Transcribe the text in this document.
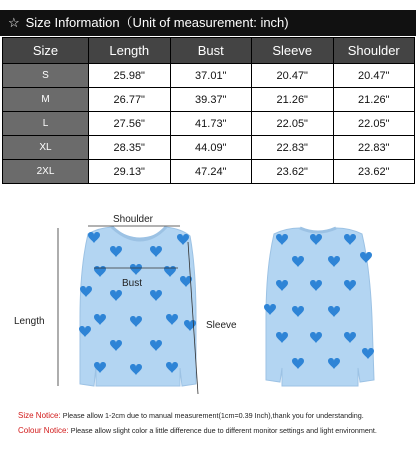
☆ Size Information（Unit of measurement: inch)
Size	Length	Bust	Sleeve	Shoulder
S	25.98"	37.01"	20.47"	20.47"
M	26.77"	39.37"	21.26"	21.26"
L	27.56"	41.73"	22.05"	22.05"
XL	28.35"	44.09"	22.83"	22.83"
2XL	29.13"	47.24"	23.62"	23.62"
Shoulder
Bust
Length	Sleeve
Size Notice: Please allow 1-2cm due to manual measurement(1cm=0.39 Inch),thank you for understanding.
Colour Notice: Please allow slight color a little difference due to different monitor settings and light environment.
